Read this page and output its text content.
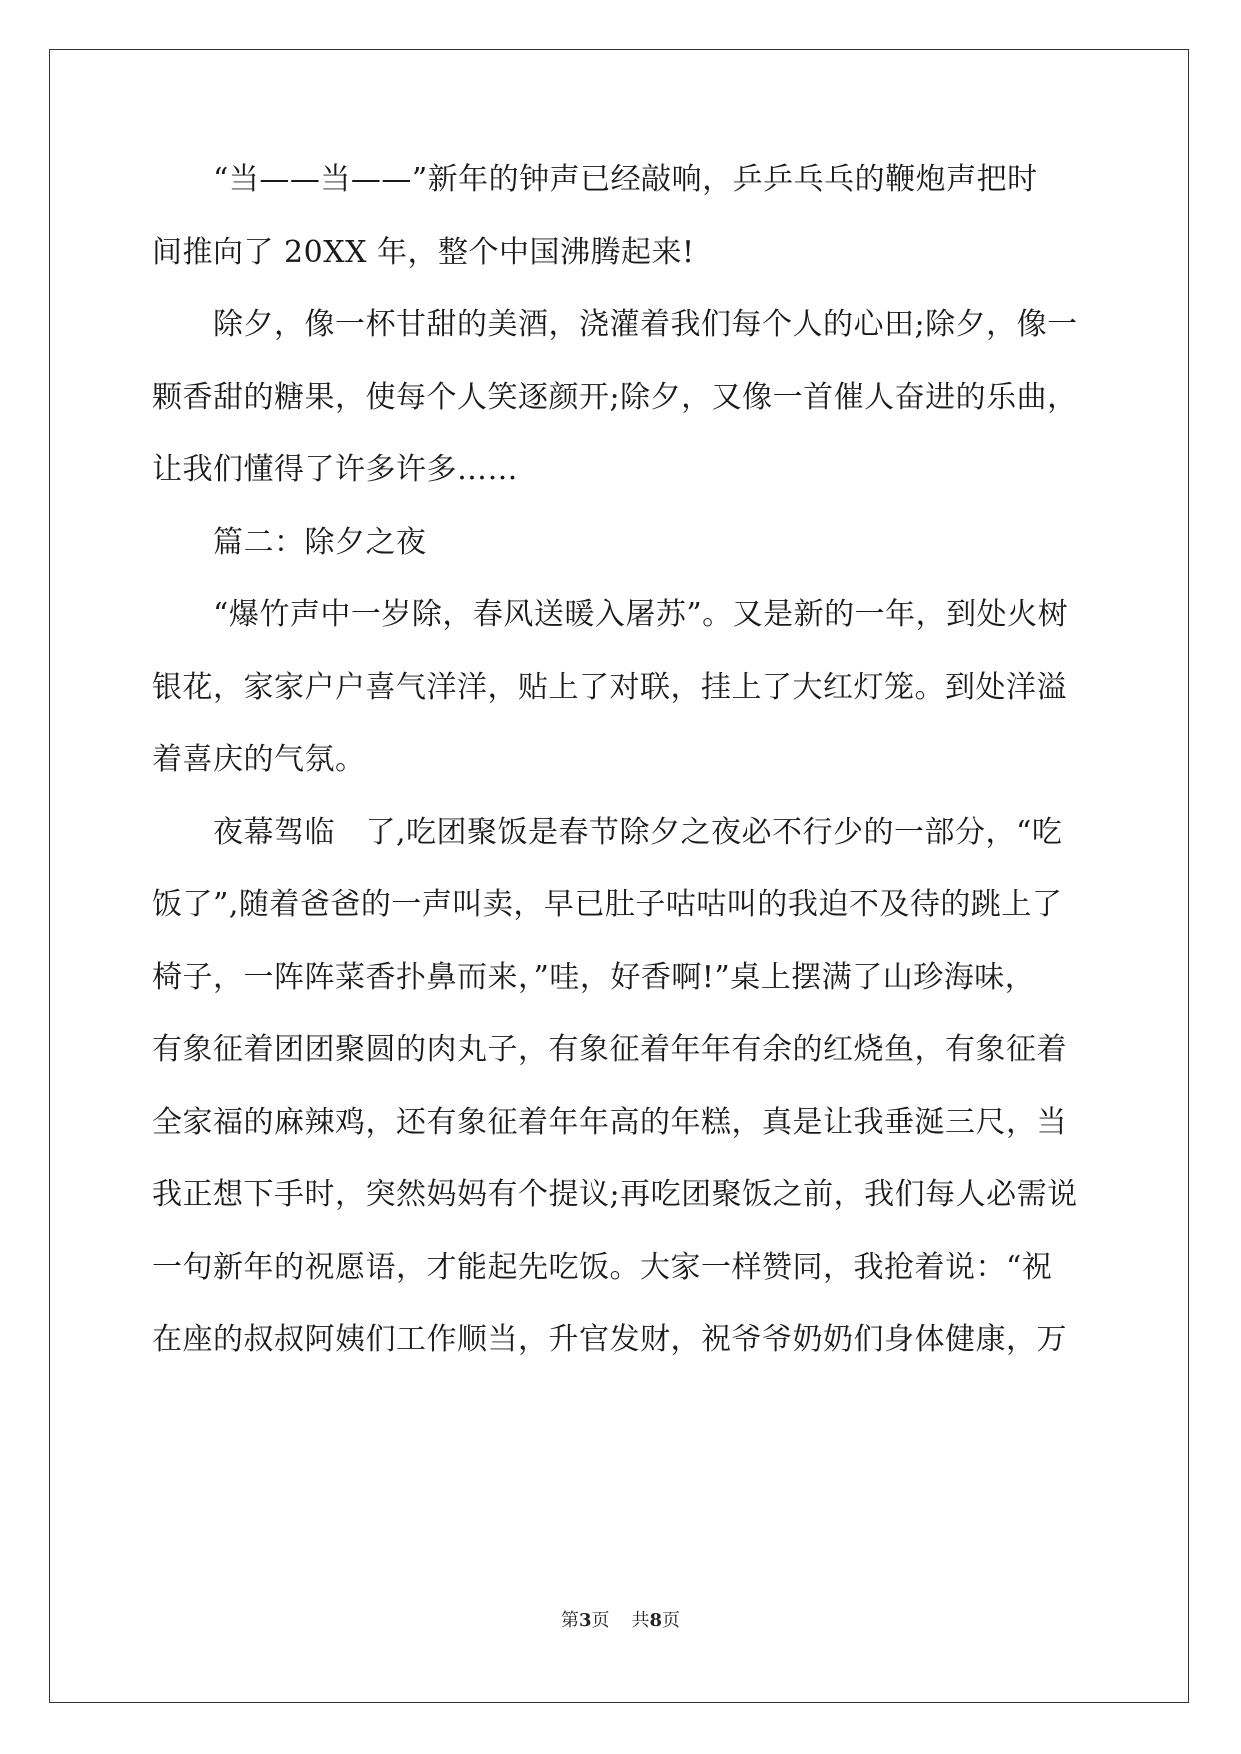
　　“当——当——”新年的钟声已经敲响，乒乒乓乓的鞭炮声把时
间推向了 20XX 年，整个中国沸腾起来!
　　除夕，像一杯甘甜的美酒，浇灌着我们每个人的心田;除夕，像一
颗香甜的糖果，使每个人笑逐颜开;除夕，又像一首催人奋进的乐曲，
让我们懂得了许多许多……
　　篇二：除夕之夜
　　“爆竹声中一岁除，春风送暖入屠苏”。又是新的一年，到处火树
银花，家家户户喜气洋洋，贴上了对联，挂上了大红灯笼。到处洋溢
着喜庆的气氛。
　　夜幕驾临　了,吃团聚饭是春节除夕之夜必不行少的一部分，“吃
饭了”,随着爸爸的一声叫卖，早已肚子咕咕叫的我迫不及待的跳上了
椅子，一阵阵菜香扑鼻而来，”哇，好香啊!”桌上摆满了山珍海味，
有象征着团团聚圆的肉丸子，有象征着年年有余的红烧鱼，有象征着
全家福的麻辣鸡，还有象征着年年高的年糕，真是让我垂涎三尺，当
我正想下手时，突然妈妈有个提议;再吃团聚饭之前，我们每人必需说
一句新年的祝愿语，才能起先吃饭。大家一样赞同，我抢着说：“祝
在座的叔叔阿姨们工作顺当，升官发财，祝爷爷奶奶们身体健康，万
第3页 共8页
